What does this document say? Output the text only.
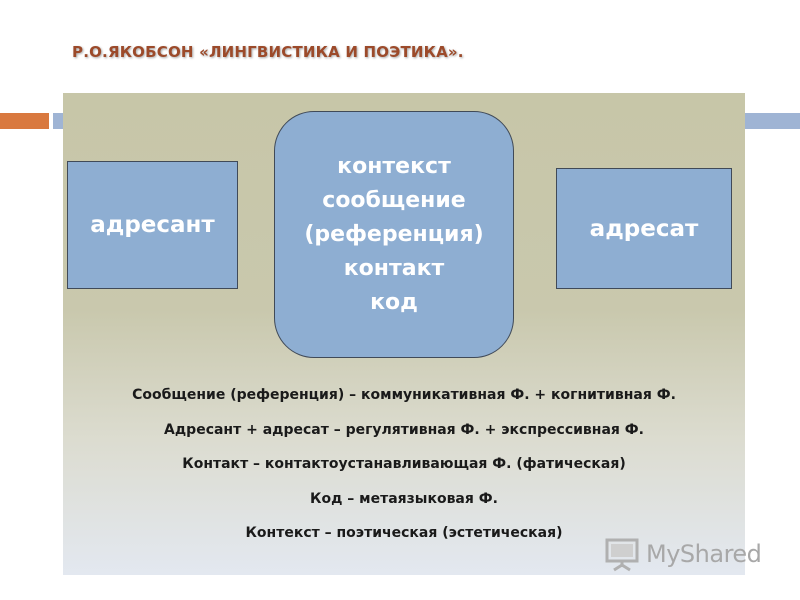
Р.О.ЯКОБСОН «ЛИНГВИСТИКА И ПОЭТИКА».
адресант
контекст
сообщение
(референция)
контакт
код
адресат
Сообщение (референция) – коммуникативная Ф. + когнитивная Ф.
Адресант + адресат – регулятивная Ф. + экспрессивная Ф.
Контакт – контактоустанавливающая Ф. (фатическая)
Код – метаязыковая Ф.
Контекст – поэтическая (эстетическая)
MyShared
